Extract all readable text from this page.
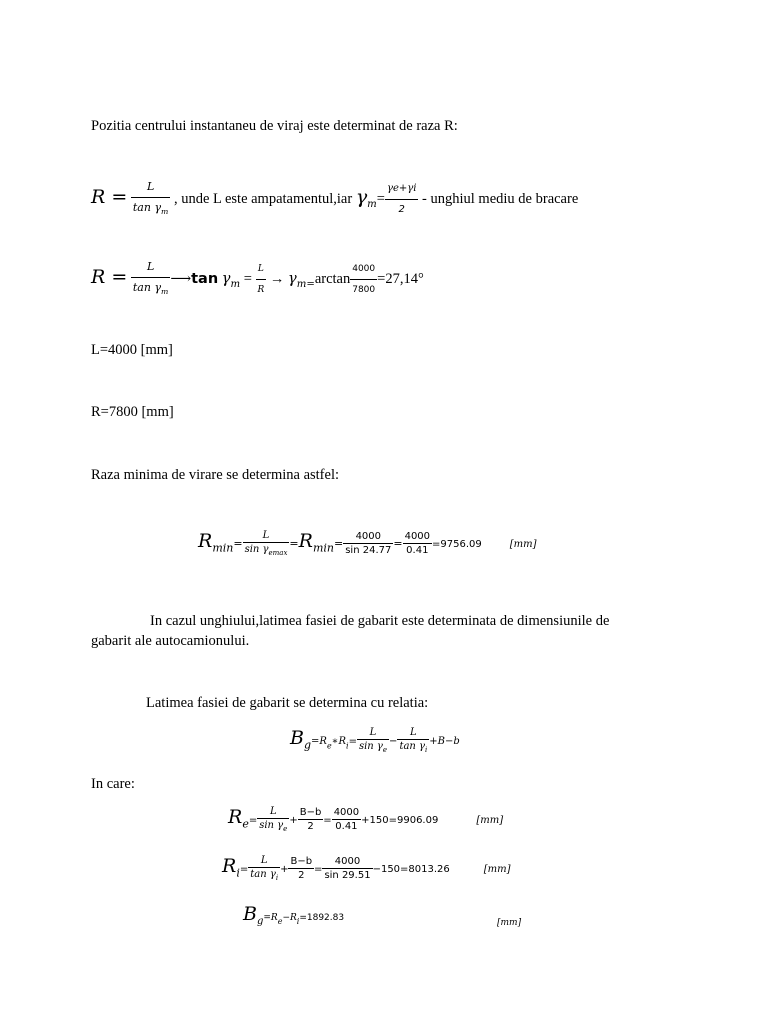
Pozitia centrului instantaneu de viraj este determinat de raza R:
$R = \frac{L}{\tan \gamma_m}$ , unde L este ampatamentul,iar $\gamma_m= \frac{\gamma e+\gamma i}{2}$ - unghiul mediu de bracare
$R = \frac{L}{\tan \gamma_m}$ ⟶tan $\gamma_m = \frac{L}{R} \to \gamma_{m=}\arctan \frac{4000}{7800} =27,14^\circ$
L=4000 [mm]
R=7800 [mm]
Raza minima de virare se determina astfel:
$R_{min}= \frac{L}{\sin \gamma_{emax}} =R_{min}= \frac{4000}{\sin 24.77} = \frac{4000}{0.41} =9756.09$	[mm]
In cazul unghiului,latimea fasiei de gabarit este determinata de dimensiunile de
gabarit ale autocamionului.
Latimea fasiei de gabarit se determina cu relatia:
$B_g=R_e∗R_i= \frac{L}{\sin \gamma_e} - \frac{L}{\tan \gamma_i} +B-b$
In care:
$R_e= \frac{L}{\sin \gamma_e} + \frac{B-b}{2} = \frac{4000}{0.41} +150=9906.09$	[mm]
$R_i= \frac{L}{\tan \gamma_i} + \frac{B-b}{2} = \frac{4000}{\sin 29.51} -150=8013.26$	[mm]
$B_g=R_e-R_i=1892.83$	[mm]
